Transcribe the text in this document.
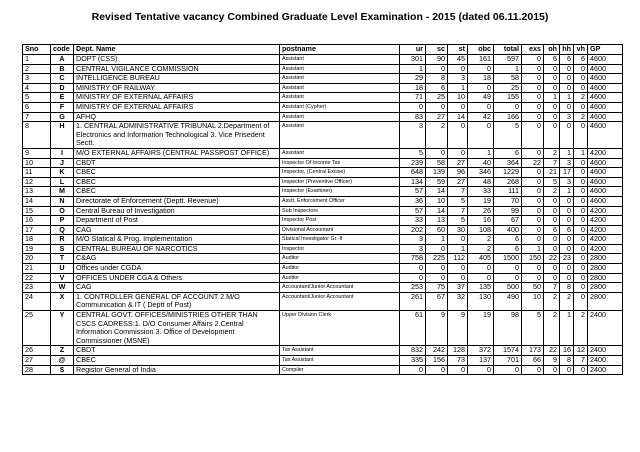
Revised Tentative vacancy Combined Graduate Level Examination - 2015 (dated 06.11.2015)
Sno	code	Dept. Name	postname	ur	sc	st	obc	total	exs	oh	hh	vh	GP
1	A	DOPT (CSS)	Assistant	301	90	45	161	597	0	6	6	6	4600
2	B	CENTRAL VIGILANCE COMMISSION	Assistant	1	0	0	0	1	0	0	0	0	4600
3	C	INTELLIGENCE BUREAU	Assistant	29	8	3	18	58	0	0	0	0	4600
4	D	MINISTRY OF RAILWAY	Assistant	18	6	1	0	25	0	0	0	0	4600
5	E	MINISTRY OF EXTERNAL AFFAIRS	Assistant	71	25	10	49	155	0	1	1	2	4600
6	F	MINISTRY OF EXTERNAL AFFAIRS	Assistant (Cypher)	0	0	0	0	0	0	0	0	0	4600
7	G	AFHQ	Assistant	83	27	14	42	166	0	0	3	2	4600
8	H	1. CENTRAL ADMINISTRATIVE TRIBUNAL 2.Department of Electronics and Information Technological 3. Vice Prisedent Sectt.	Assistant	3	2	0	0	5	0	0	0	0	4600
9	I	M/O EXTERNAL AFFAIRS (CENTRAL PASSPOST OFFICE)	Assistant	5	0	0	1	6	0	2	1	1	4200
10	J	CBDT	Inspector Of Income Tax	239	58	27	40	364	22	7	3	0	4600
11	K	CBEC	Inspector, (Central Excise)	648	139	96	346	1229	0	21	17	0	4600
12	L	CBEC	Inspector (Preventive Officer)	134	59	27	48	268	0	5	3	0	4600
13	M	CBEC	Inspector (Examiner)	57	14	7	33	111	0	2	1	0	4600
14	N	Directorate of Enforcement (Deptt. Revenue)	Asstt. Enforcement Officer	36	10	5	19	70	0	0	0	0	4600
15	O	Central Bureau of Investigation	Sub Inspectors	57	14	7	26	99	0	0	0	0	4200
16	P	Department of Post	Inspector Post	33	13	5	16	67	0	0	0	0	4200
17	Q	CAG	Divisional Accountant	202	60	30	108	400	0	6	6	0	4200
18	R	M/O Statical & Prog. Implementation	Statical Investigator Gr.-II	3	1	0	2	6	0	0	0	0	4200
19	S	CENTRAL BUREAU OF NARCOTICS	Inspector	3	0	1	2	6	1	0	0	0	4200
20	T	C&AG	Auditor	758	225	112	405	1500	150	22	23	0	2800
21	U	Offices under CGDA	Auditor	0	0	0	0	0	0	0	0	0	2800
22	V	OFFICES UNDER CGA & Others	Auditor	0	0	0	0	0	0	0	0	0	2800
23	W	CAG	Accountant/Junior Accountant	253	75	37	135	500	50	7	8	0	2800
24	X	1. CONTROLLER GENERAL OF ACCOUNT 2.M/O Communication & IT ( Deptt of Post)	Accountant/Junior Accountant	261	67	32	130	490	10	2	2	0	2800
25	Y	CENTRAL GOVT. OFFICES/MINISTRIES OTHER THAN CSCS CADRESS:1. D/O Consumer Affairs 2.Central Information Commission 3. Office of Development Commissioner (MSNE)	Upper Division Clerk	61	9	9	19	98	5	2	1	2	2400
26	Z	CBDT	Tax Assistant	832	242	128	372	1574	173	22	16	12	2400
27	@	CBEC	Tax Assistant	335	156	73	137	701	66	9	8	7	2400
28	$	Registor General of India	Compiler	0	0	0	0	0	0	0	0	0	2400
